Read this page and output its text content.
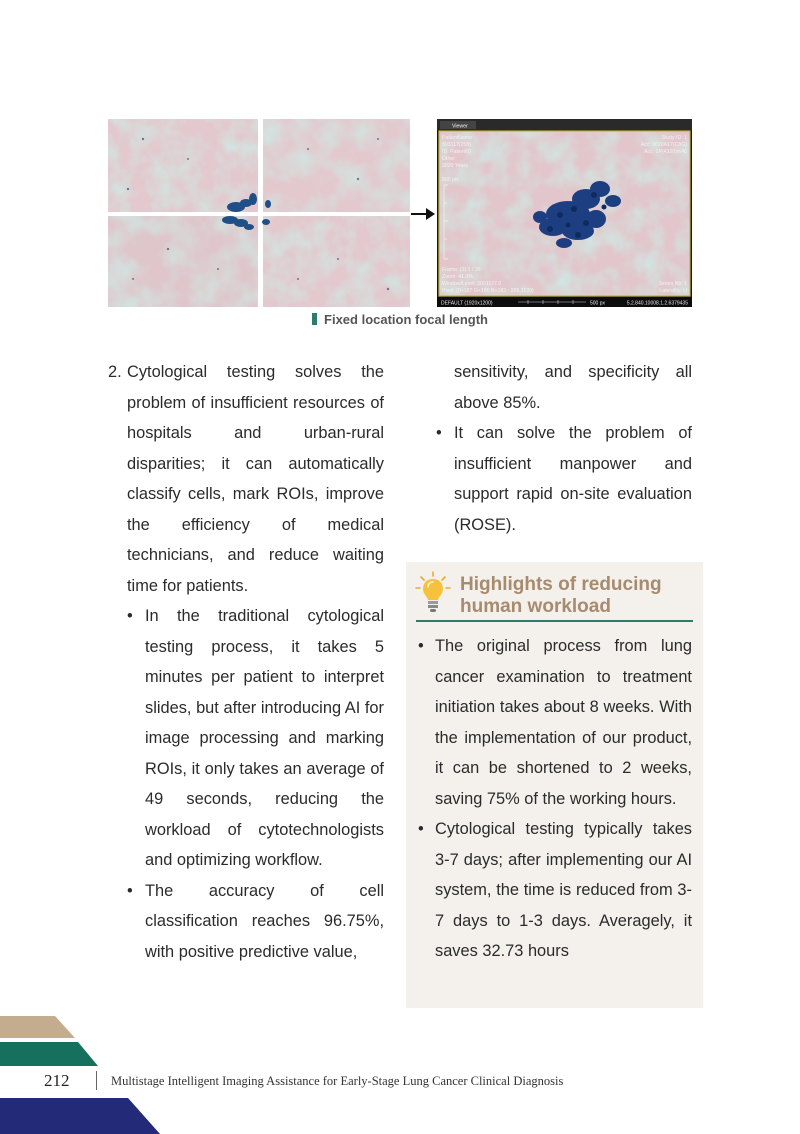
Viewer
PatientName	Study ID: 1
303117(258)
ID: PatientID
Other
3020 Years
Acc: 3020A17(C8G)
Acc: 1P(4320)m46
800 pix
Frame: (1) 1 / 36
Zoom: 41.0%
Window/Level: 3001127.0
Pixel: (0+187 G+186 B+183 - 285,1139)
Series Nb: 1
Laterality: U
DEFAULT (1920x1200)	500 px	5.2.840.10008.1.2.6379435
Fixed location focal length
2. Cytological testing solves the problem of insufficient resources of hospitals and urban-rural disparities; it can automatically classify cells, mark ROIs, improve the efficiency of medical technicians, and reduce waiting time for patients.

• In the traditional cytological testing process, it takes 5 minutes per patient to interpret slides, but after introducing AI for image processing and marking ROIs, it only takes an average of 49 seconds, reducing the workload of cytotechnologists and optimizing workflow.

• The accuracy of cell classification reaches 96.75%, with positive predictive value,

sensitivity, and specificity all above 85%.

• It can solve the problem of insufficient manpower and support rapid on-site evaluation (ROSE).

Highlights of reducing
human workload

• The original process from lung cancer examination to treatment initiation takes about 8 weeks. With the implementation of our product, it can be shortened to 2 weeks, saving 75% of the working hours.

• Cytological testing typically takes 3-7 days; after implementing our AI system, the time is reduced from 3-7 days to 1-3 days. Averagely, it saves 32.73 hours

212	Multistage Intelligent Imaging Assistance for Early-Stage Lung Cancer Clinical Diagnosis
